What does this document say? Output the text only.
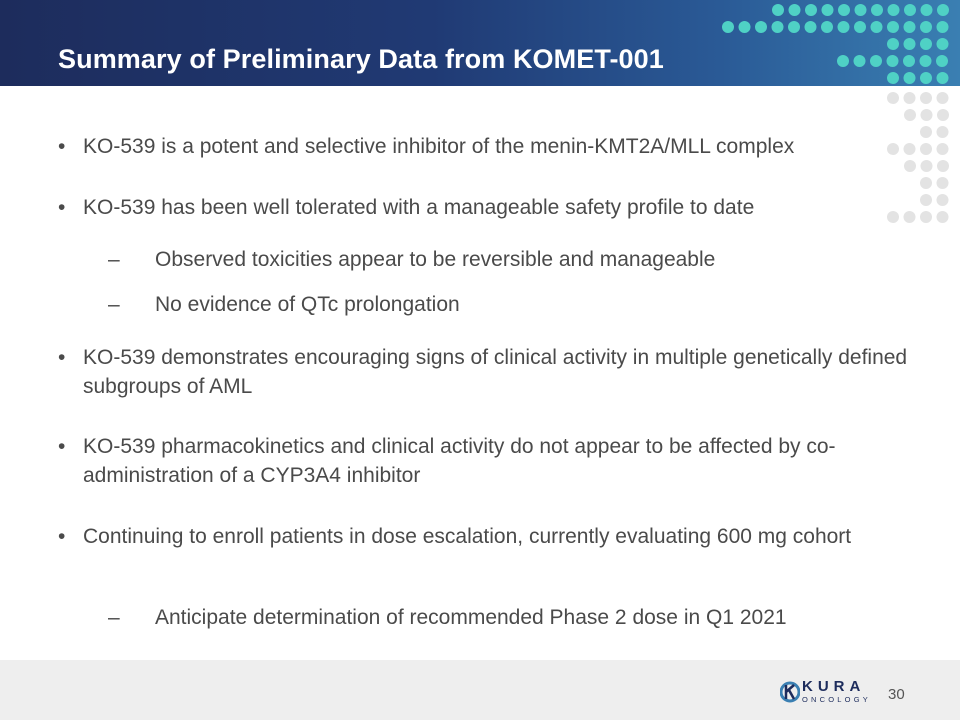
Summary of Preliminary Data from KOMET-001
• KO-539 is a potent and selective inhibitor of the menin-KMT2A/MLL complex
• KO-539 has been well tolerated with a manageable safety profile to date
–	Observed toxicities appear to be reversible and manageable
–	No evidence of QTc prolongation
• KO-539 demonstrates encouraging signs of clinical activity in multiple genetically defined subgroups of AML
• KO-539 pharmacokinetics and clinical activity do not appear to be affected by co-administration of a CYP3A4 inhibitor
• Continuing to enroll patients in dose escalation, currently evaluating 600 mg cohort
–	Anticipate determination of recommended Phase 2 dose in Q1 2021
KURA
ONCOLOGY 30
